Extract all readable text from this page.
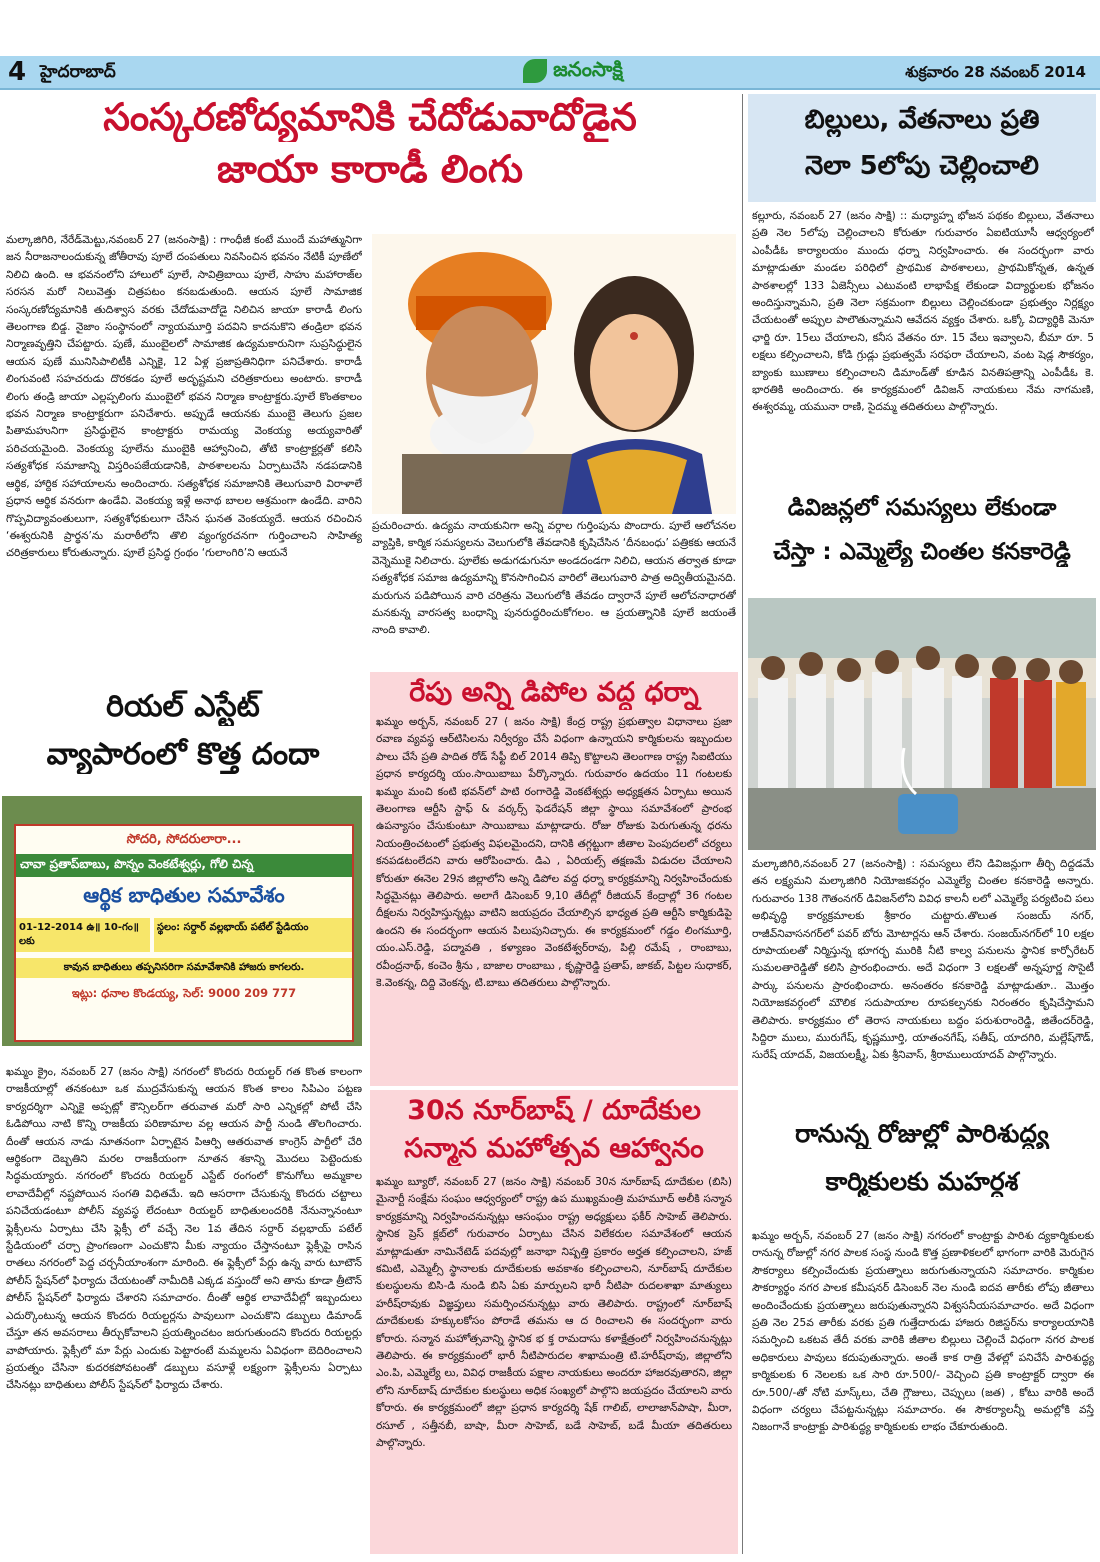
4 హైదరాబాద్	జనంసాక్షి	శుక్రవారం 28 నవంబర్ 2014
సంస్కరణోద్యమానికి చేదోడువాదోడైన
జాయా కారాడీ లింగు
మల్కాజిగిరి, నేరేడ్‌మెట్టు,నవంబర్‌ 27 (జనంసాక్షి) : గాంధీజీ కంటే ముందే మహాత్మునిగా జన నీరాజనాలందుకున్న జోతీరావు పూలే దంపతులు నివసించిన భవనం నేటికీ పూణేలో నిలిచి ఉంది. ఆ భవనంలోని హాలులో పూలే, సావిత్రిబాయి పూలే, సాహు మహారాజ్‌ల సరసన మరో నిలువెత్తు చిత్రపటం కనబడుతుంది. ఆయన పూలే సామాజిక సంస్కరణోద్యమానికి తుదిశ్వాస వరకు చేదోడువాదోడై నిలిచిన జాయా కారాడీ లింగు తెలంగాణ బిడ్డ. నైజాం సంస్థానంలో న్యాయమూర్తి పదవిని కాదనుకొని తండ్రిలా భవన నిర్మాణవృత్తిని చేపట్టారు. పుణే, ముంబైలలో సామాజిక ఉద్యమకారునిగా సుప్రసిద్ధులైన ఆయన పుణే మునిసిపాలిటీకి ఎన్నికై, 12 ఏళ్ల ప్రజాప్రతినిధిగా పనిచేశారు. కారాడీ లింగువంటి సహచరుడు దొరకడం పూలే అదృష్టమని చరిత్రకారులు అంటారు. కారాడీ లింగు తండ్రి జాయా ఎల్లప్పలింగు ముంబైలో భవన నిర్మాణ కాంట్రాక్టరు.పూలే కొంతకాలం భవన నిర్మాణ కాంట్రాక్టరుగా పనిచేశారు. అప్పుడే ఆయనకు ముంబై తెలుగు ప్రజల పితామహునిగా ప్రసిద్ధులైన కాంట్రాక్టరు రామయ్య వెంకయ్య అయ్యవారితో పరిచయమైంది. వెంకయ్య పూలేను ముంబైకి ఆహ్వానించి, తోటి కాంట్రాక్టర్లతో కలిసి సత్యశోధక సమాజాన్ని విస్తరింపజేయడానికి, పాఠశాలలను ఏర్పాటుచేసి నడపడానికి ఆర్థిక, హార్దిక సహాయాలను అందించారు. సత్యశోధక సమాజానికి తెలుగువారి విరాళాలే ప్రధాన ఆర్థిక వనరుగా ఉండేవి. వెంకయ్య ఇళ్లే అనాథ బాలల ఆశ్రమంగా ఉండేది. వారిని గొప్పవిద్యావంతులుగా, సత్యశోధకులుగా చేసిన ఘనత వెంకయ్యదే. ఆయన రచించిన ‘ఈశ్వరునికి ప్రార్థన’ను మరాఠీలోని తొలి వ్యంగ్యరచనగా గుర్తించాలని సాహిత్య చరిత్రకారులు కోరుతున్నారు. పూలే ప్రసిద్ధ గ్రంథం ‘గులాంగిరి’ని ఆయనే
ప్రచురించారు. ఉద్యమ నాయకునిగా అన్ని వర్గాల గుర్తింపును పొందారు. పూలే ఆలోచనల వ్యాప్తికి, కార్మిక సమస్యలను వెలుగులోకి తేవడానికి కృషిచేసిన ‘దీనబంధు’ పత్రికకు ఆయనే వెన్నెముకై నిలిచారు. పూలేకు అడుగడుగునూ అండదండగా నిలిచి, ఆయన తర్వాత కూడా సత్యశోధక సమాజ ఉద్యమాన్ని కొనసాగించిన వారిలో తెలుగువారి పాత్ర అద్వితీయమైనది. మరుగున పడిపోయిన వారి చరిత్రను వెలుగులోకి తేవడం ద్వారానే పూలే ఆలోచనాధారతో మనకున్న వారసత్వ బంధాన్ని పునరుద్ధరించుకోగలం. ఆ ప్రయత్నానికి పూలే జయంతే నాంది కావాలి.
రియల్ ఎస్టేట్
వ్యాపారంలో కొత్త దందా
సోదరి, సోదరులారా...
చావా ప్రతాప్‌బాబు, పొన్నం వెంకటేశ్వర్లు, గోలి చిన్న
ఆర్థిక బాధితుల సమావేశం
01-12-2014 ఉ॥ 10-గం॥లకు
స్థలం: సర్దార్ వల్లభాయ్ పటేల్ స్టేడియం
కావున బాధితులు తప్పనిసరిగా సమావేశానికి హాజరు కాగలరు.
ఇట్లు: ధనాల కొండయ్య, సెల్: 9000 209 777
ఖమ్మం క్రైం, నవంబర్‌ 27 (జనం సాక్షి) నగరంలో కొందరు రియల్టర్‌ గత కొంత కాలంగా రాజకీయాల్లో తనకంటూ ఒక ముద్రవేసుకున్న ఆయన కొంత కాలం సిపిఎం పట్టణ కార్యదర్శిగా ఎన్నికై అప్పట్లో కౌన్సిలర్‌గా తరువాత మరో సారి ఎన్నికల్లో పోటీ చేసి ఓడిపోయి నాటి కొన్ని రాజకీయ పరిణామాల వల్ల ఆయన పార్టీ నుండి తొలగించారు. దీంతో ఆయన నాడు నూతనంగా ఏర్పాటైన పిఆర్పి ఆతరువాత కాంగ్రెస్‌ పార్టీలో చేరి ఆర్థికంగా దెబ్బతిని మరల రాజకీయంగా నూతన శకాన్ని మొదలు పెట్టెందుకు సిద్ధమయ్యారు. నగరంలో కొందరు రియల్టర్‌ ఎస్టేట్‌ రంగంలో కొనుగోలు అమ్మకాల లావాదేవీల్లో నష్టపోయిన సంగతి విధితమే. ఇది ఆసరాగా చేసుకున్న కొందరు చట్టాలు పనిచేయడంటూ పోలీస్‌ వ్యవస్థ లేదంటూ రియల్టర్‌ బాధితులందరికి నేనున్నానంటూ ఫ్లెక్సీలను ఏర్పాటు చేసి ఫ్లెక్సీ లో వచ్చే నెల 1వ తేదిన సర్దార్‌ వల్లభాయ్‌ పటేల్‌ స్టేడియంలో చర్చా ప్రాంగణంగా ఎంచుకొని మీకు న్యాయం చేస్తానంటూ ఫ్లెక్సీపై రాసిన రాతలు నగరంలో పెద్ద చర్చనీయాంశంగా మారింది. ఈ ఫ్లెక్సీలో పేర్లు ఉన్న వారు టూటౌన్‌ పోలీస్‌ స్టేషన్‌లో ఫిర్యాదు చేయటంతో నామీదికి ఎక్కడ వస్తుందో అని తాను కూడా త్రీటౌన్‌ పోలీస్‌ స్టేషన్‌లో ఫిర్యాదు చేశారని సమాచారం. దీంతో ఆర్థిక లావాదేవీల్లో ఇబ్బందులు ఎదుర్కొంటున్న ఆయన కొందరు రియల్టర్లను పావులుగా ఎంచుకొని డబ్బులు డిమాండ్‌ చేస్తూ తన అవసరాలు తీర్చుకోవాలని ప్రయత్నించటం జరుగుతుందని కొందరు రియల్టర్లు వాపోయారు. ఫ్లెక్సీలో మా పేర్లు ఎందుకు పెట్టారంటే మమ్మలను ఏవిధంగా బెదిరించాలని ప్రయత్నం చేసినా కుదరకపోవటంతో డబ్బులు వసూళ్లే లక్ష్యంగా ఫ్లెక్సీలను ఏర్పాటు చేసినట్లు బాధితులు పోలీస్‌ స్టేషన్‌లో ఫిర్యాదు చేశారు.
రేపు అన్ని డిపోల వద్ద ధర్నా
ఖమ్మం అర్బన్‌, నవంబర్‌ 27 ( జనం సాక్షి) కేంద్ర రాష్ట్ర ప్రభుత్వాల విధానాలు ప్రజా రవాణ వ్యవస్థ ఆర్‌టిసిలను నిర్వీర్యం చేసే విధంగా ఉన్నాయని కార్మికులను ఇబ్బందుల పాలు చేసే ప్రతి పాదిత రోడ్‌ సేఫ్టీ బిల్‌ 2014 తిప్పి కొట్టాలని తెలంగాణ రాష్ట్ర సిఐటియు ప్రధాన కార్యదర్శి యం.సాయిబాబు పేర్కొన్నారు. గురువారం ఉదయం 11 గంటలకు ఖమ్మం మంచి కంటి భవన్‌లో పాటి రంగారెడ్డి వెంకటేశ్వర్లు అధ్యక్షతన ఏర్పాటు అయిన తెలంగాణ ఆర్టీసి స్టాఫ్‌ & వర్కర్స్‌ ఫెడరేషన్‌ జిల్లా స్థాయి సమావేశంలో ప్రారంభ ఉపన్యాసం చేసుకుంటూ సాయిబాబు మాట్లాడారు. రోజు రోజుకు పెరుగుతున్న ధరను నియంత్రించటంలో ప్రభుత్వ విఫలమైందని, దానికి తగ్గట్టుగా జీతాల పెంపుదలలో చర్యలు కనపడటంలేదని వారు ఆరోపించారు. డిఎ , ఏరియల్స్‌ తక్షణమే విడుదల చేయాలని కోరుతూ ఈనెల 29న జిల్లాలోని అన్ని డిపోల వద్ద ధర్నా కార్యక్రమాన్ని నిర్వహించేందుకు సిద్ధమైనట్లు తెలిపారు. అలాగే డిసెంబర్‌ 9,10 తేదీల్లో రీజియన్‌ కేంద్రాల్లో 36 గంటల దీక్షలను నిర్వహిస్తున్నట్లు వాటిని జయప్రదం చేయాల్సిన భాధ్యత ప్రతి ఆర్టీసి కార్మికుడిపై ఉందని ఈ సందర్భంగా ఆయన పిలుపునిచ్చారు. ఈ కార్యక్రమంలో గడ్డం లింగమూర్తి, యం.ఎస్‌.రెడ్డి, పద్మావతి , కళ్యాణం వెంకటేశ్వర్‌రావు, పిల్లి రమేష్‌ , రాంబాబు, రవీంద్రనాథ్‌, కంచెం శ్రీను , బాజాల రాంబాబు , కృష్ణారెడ్డి ప్రతాప్‌, జాకబ్‌, పిట్టల సుధాకర్‌, కె.వెంకన్న, దిద్ది వెంకన్న, టి.బాబు తదితరులు పాల్గొన్నారు.
30న నూర్‌బాష్ / దూదేకుల
సన్మాన మహోత్సవ ఆహ్వానం
ఖమ్మం బ్యూరో, నవంబర్‌ 27 (జనం సాక్షి) నవంబర్‌ 30న నూర్‌బాష్‌ దూదేకుల (బిసి) మైనార్టీ సంక్షేమ సంఘం ఆధ్వర్యంలో రాష్ట్ర ఉప ముఖ్యమంత్రి మహమూద్‌ అలీకి సన్మాన కార్యక్రమాన్ని నిర్వహించనున్నట్లు ఆసంఘం రాష్ట్ర అధ్యక్షులు ఫకీర్‌ సాహెబ్‌ తెలిపారు. స్థానిక ప్రెస్‌ క్లబ్‌లో గురువారం ఏర్పాటు చేసిన విలేకరుల సమావేశంలో ఆయన మాట్లాడుతూ నామినేటెడ్‌ పదవుల్లో జనాభా నిష్పత్తి ప్రకారం అర్హత కల్పించాలని, హజ్‌ కమిటి, ఎమ్మెల్సీ స్థానాలకు దూదేకులకు అవకాశం కల్పించాలని, నూర్‌బాష్‌ దూదేకుల కులస్థులను బిసి-డి నుండి బిసి ఏకు మార్పులని భారీ నీటిపా రుదలశాఖా మాత్యులు హరీష్‌రావుకు విజ్ఞప్తులు సమర్పించనున్నట్లు వారు తెలిపారు. రాష్ట్రంలో నూర్‌బాష్‌ దూదేకులకు హక్కులకోసం పోరాడే తమను ఆ ద రించాలని ఈ సందర్భంగా వారు కోరారు. సన్మాన మహోత్సవాన్ని స్థానిక భ క్త రామదాసు కళాక్షేత్రంలో నిర్వహించనున్నట్లు తెలిపారు. ఈ కార్యక్రమంలో భారీ నీటిపారుదల శాఖామంత్రి టి.హరీష్‌రావు, జిల్లాలోని ఎం.పి, ఎమ్మెల్యే లు, వివిధ రాజకీయ పక్షాల నాయకులు అందరూ హాజరవుతారని, జిల్లా లోని నూర్‌బాష్‌ దూదేకుల కులస్థులు అధిక సంఖ్యలో పాల్గొని జయప్రదం చేయాలని వారు కోరారు. ఈ కార్యక్రమంలో జిల్లా ప్రధాన కార్యదర్శి షేక్‌ గాలిబ్‌, లాలాజాన్‌పాషా, మీరా, రసూల్‌ , సత్తీనబీ, బాషా, మీరా సాహెబ్‌, బడే సాహెబ్‌, బడే మీయా తదితరులు పాల్గొన్నారు.
బిల్లులు, వేతనాలు ప్రతి
నెలా 5లోపు చెల్లించాలి
కల్లూరు, నవంబర్‌ 27 (జనం సాక్షి) :: మధ్యాహ్న భోజన పథకం బిల్లులు, వేతనాలు ప్రతి నెల 5లోపు చెల్లించాలని కోరుతూ గురువారం ఏఐటియూసీ ఆధ్వర్యంలో ఎంపీడీఓ కార్యాలయం ముందు ధర్నా నిర్వహించారు. ఈ సందర్భంగా వారు మాట్లాడుతూ మండల పరిధిలో ప్రాథమిక పాఠశాలలు, ప్రాథమికోన్నత, ఉన్నత పాఠశాలల్లో 133 ఏజెన్సీలు ఎటువంటి లాభాపేక్ష లేకుండా విద్యార్థులకు భోజనం అందిస్తున్నామని, ప్రతి నెలా సక్రమంగా బిల్లులు చెల్లించకుండా ప్రభుత్వం నిర్లక్ష్యం చేయటంతో అప్పుల పాలౌతున్నామని ఆవేదన వ్యక్తం చేశారు. ఒక్కో విద్యార్థికి మెనూ ఛార్జి రూ. 15లు చేయాలని, కనీస వేతనం రూ. 15 వేలు ఇవ్వాలని, బీమా రూ. 5 లక్షలు కల్పించాలని, కోడి గ్రుడ్లు ప్రభుత్వమే సరఫరా చేయాలని, వంట షెడ్ల సౌకర్యం, బ్యాంకు ఋణాలు కల్పించాలని డిమాండ్‌తో కూడిన వినతిపత్రాన్ని ఎంపీడీఓ కె. భారతికి అందించారు. ఈ కార్యక్రమంలో డివిజన్‌ నాయకులు నేమ నాగమణి, ఈశ్వరమ్మ, యమునా రాణి, సైదమ్మ తదితరులు పాల్గొన్నారు.
డివిజన్లలో సమస్యలు లేకుండా
చేస్తా : ఎమ్మెల్యే చింతల కనకారెడ్డి
మల్కాజిగిరి,నవంబర్‌ 27 (జనంసాక్షి) : సమస్యలు లేని డివిజన్లుగా తీర్చి దిద్దడమే తన లక్ష్యమని మల్కాజిగిరి నియోజకవర్గం ఎమ్మెల్యే చింతల కనకారెడ్డి అన్నారు. గురువారం 138 గౌతంనగర్‌ డివిజన్‌లోని వివిధ కాలనీ లలో ఎమ్మెల్యే పర్యటించి పలు అభివృద్ధి కార్యక్రమాలకు శ్రీకారం చుట్టారు.తొలుత సంజయ్‌ నగర్‌, రాజీవ్‌నివాసనగర్‌లో పవర్‌ బోరు మోటార్లను ఆన్‌ చేశారు. సంజయ్‌నగర్‌లో 10 లక్షల రూపాయలతో నిర్మిస్తున్న భూగర్భ మురికి నీటి కాల్వ పనులను స్థానిక కార్పోరేటర్‌ సుమలతారెడ్డితో కలిసి ప్రారంభించారు. అదే విధంగా 3 లక్షలతో అన్నపూర్ణ సొసైటీ పార్కు పనులను ప్రారంభించారు. అనంతరం కనకారెడ్డి మాట్లాడుతూ.. మొత్తం నియోజకవర్గంలో మౌలిక సదుపాయాల రూపకల్పనకు నిరంతరం కృషిచేస్తామని తెలిపారు. కార్యక్రమం లో తెరాస నాయకులు బద్దం పరుశురాంరెడ్డి, జితేందర్‌రెడ్డి, సిద్దిరా ములు, మురుగేష్‌, కృష్ణమూర్తి, యాతంనగేష్‌, సతీష్‌, యాదగిరి, మల్లేష్‌గౌడ్‌, సురేష్‌ యాదవ్‌, విజయలక్ష్మీ, ఏకు శ్రీనివాస్‌, శ్రీరాములుయాదవ్‌ పాల్గొన్నారు.
రానున్న రోజుల్లో పారిశుద్ధ్య
కార్మికులకు మహర్దశ
ఖమ్మం అర్బన్‌, నవంబర్‌ 27 (జనం సాక్షి) నగరంలో కాంట్రాక్టు పారిశు ద్యకార్మికులకు రానున్న రోజుల్లో నగర పాలక సంస్థ నుండి కొత్త ప్రణాళికలలో భాగంగా వారికి మెరుగైన సౌకర్యాలు కల్పించేందుకు ప్రయత్నాలు జరుగుతున్నాయని సమాచారం. కార్మికుల సౌకర్యార్థం నగర పాలక కమీషనర్‌ డిసెంబర్‌ నెల నుండి ఐదవ తారీకు లోపు జీతాలు అందించేందుకు ప్రయత్నాలు జరుపుతున్నారని విశ్వసనీయసమాచారం. అదే విధంగా ప్రతి నెల 25వ తారీకు వరకు ప్రతి గుత్తేదారుడు హాజరు రిజిస్టర్‌ను కార్యాలయానికి సమర్పించి ఒకటవ తేదీ వరకు వారికి జీతాల బిల్లులు చెల్లించే విధంగా నగర పాలక అధికారులు పావులు కదుపుతున్నారు. అంతే కాక రాత్రి వేళల్లో పనిచేసే పారిశుద్ధ్య కార్మికులకు 6 నెలలకు ఒక సారి రూ.500/- వెచ్చించి ప్రతి కాంట్రాక్టర్‌ ద్వారా ఈ రూ.500/-తో నోటి మాస్క్‌లు, చేతి గ్లౌజులు, చెప్పులు (జత) , కోటు వారికి అందే విధంగా చర్యలు చేపట్టనున్నట్లు సమాచారం. ఈ సౌకర్యాలన్నీ అమల్లోకి వస్తే నిజంగానే కాంట్రాక్టు పారిశుద్ధ్య కార్మికులకు లాభం చేకూరుతుంది.
